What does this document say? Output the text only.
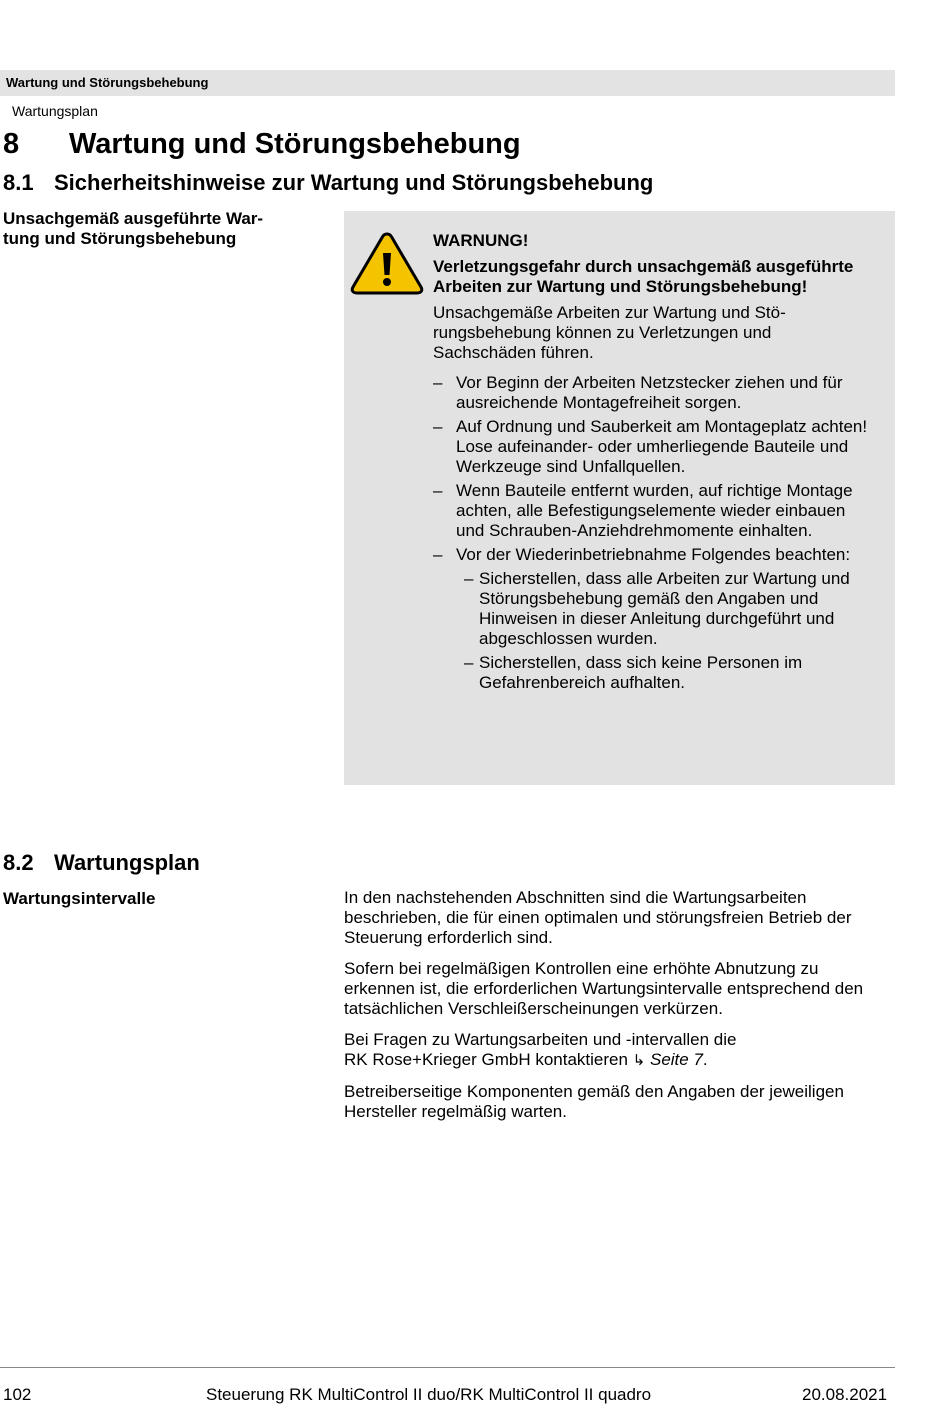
Wartung und Störungsbehebung
Wartungsplan
8 Wartung und Störungsbehebung
8.1 Sicherheitshinweise zur Wartung und Störungsbehebung
Unsachgemäß ausgeführte War-
tung und Störungsbehebung	WARNUNG!
Verletzungsgefahr durch unsachgemäß ausgeführte Arbeiten zur Wartung und Störungsbehebung!
Unsachgemäße Arbeiten zur Wartung und Störungsbehebung können zu Verletzungen und Sachschäden führen.
– Vor Beginn der Arbeiten Netzstecker ziehen und für ausreichende Montagefreiheit sorgen.
– Auf Ordnung und Sauberkeit am Montageplatz achten! Lose aufeinander- oder umherliegende Bauteile und Werkzeuge sind Unfallquellen.
– Wenn Bauteile entfernt wurden, auf richtige Montage achten, alle Befestigungselemente wieder einbauen und Schrauben-Anziehdrehmomente einhalten.
– Vor der Wiederinbetriebnahme Folgendes beachten:
– Sicherstellen, dass alle Arbeiten zur Wartung und Störungsbehebung gemäß den Angaben und Hinweisen in dieser Anleitung durchgeführt und abgeschlossen wurden.
– Sicherstellen, dass sich keine Personen im Gefahrenbereich aufhalten.
8.2 Wartungsplan
Wartungsintervalle	In den nachstehenden Abschnitten sind die Wartungsarbeiten beschrieben, die für einen optimalen und störungsfreien Betrieb der Steuerung erforderlich sind.

Sofern bei regelmäßigen Kontrollen eine erhöhte Abnutzung zu erkennen ist, die erforderlichen Wartungsintervalle entsprechend den tatsächlichen Verschleißerscheinungen verkürzen.

Bei Fragen zu Wartungsarbeiten und -intervallen die
RK Rose+Krieger GmbH kontaktieren ↳ Seite 7.

Betreiberseitige Komponenten gemäß den Angaben der jeweiligen Hersteller regelmäßig warten.

102	Steuerung RK MultiControl II duo/RK MultiControl II quadro	20.08.2021
